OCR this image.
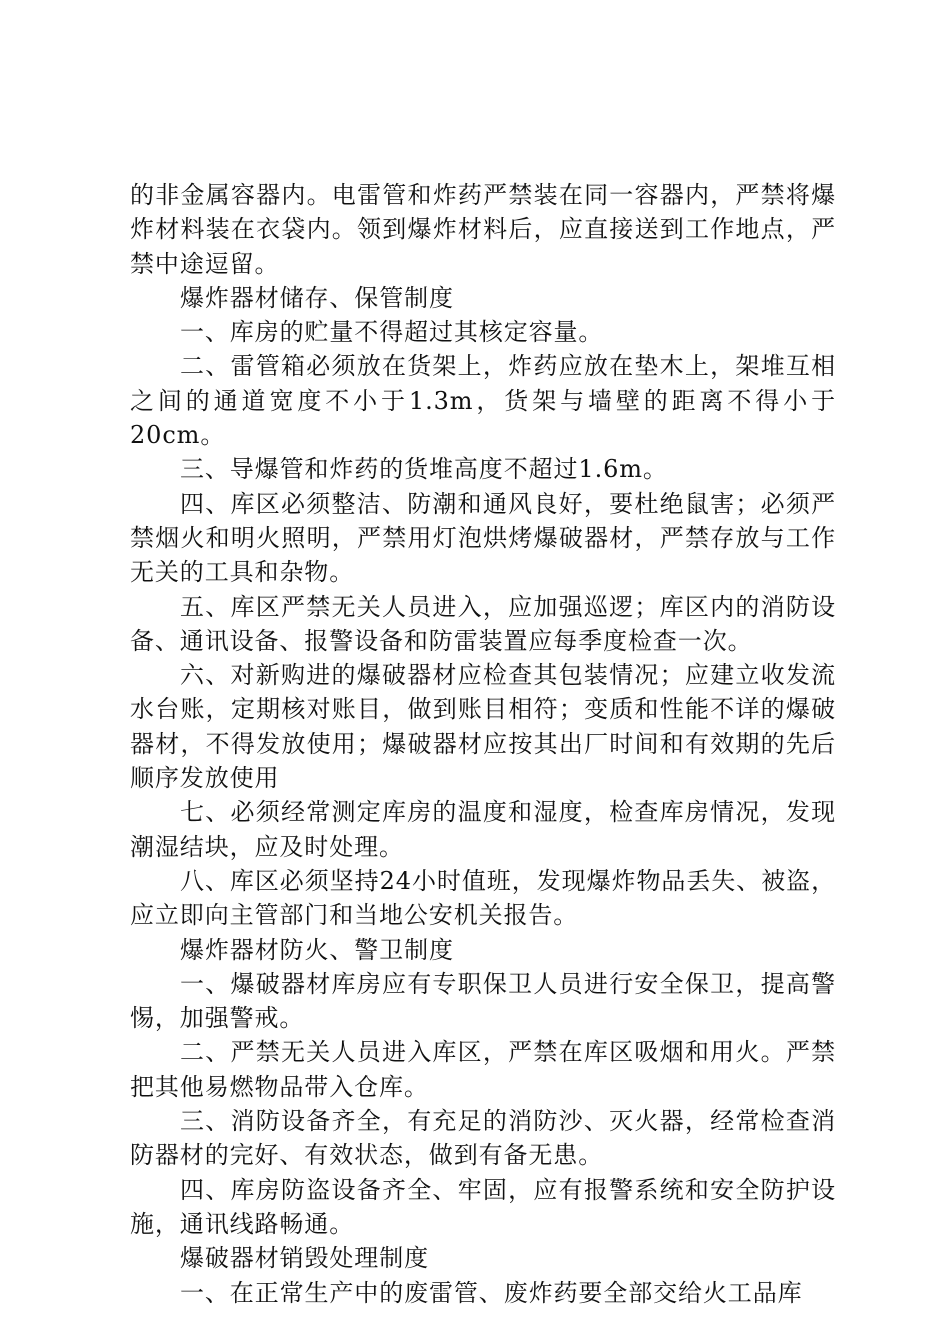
的非金属容器内。电雷管和炸药严禁装在同一容器内，严禁将爆炸材料装在衣袋内。领到爆炸材料后，应直接送到工作地点，严禁中途逗留。

爆炸器材储存、保管制度

一、库房的贮量不得超过其核定容量。

二、雷管箱必须放在货架上，炸药应放在垫木上，架堆互相之间的通道宽度不小于1.3m，货架与墙壁的距离不得小于20cm。

三、导爆管和炸药的货堆高度不超过1.6m。

四、库区必须整洁、防潮和通风良好，要杜绝鼠害；必须严禁烟火和明火照明，严禁用灯泡烘烤爆破器材，严禁存放与工作无关的工具和杂物。

五、库区严禁无关人员进入，应加强巡逻；库区内的消防设备、通讯设备、报警设备和防雷装置应每季度检查一次。

六、对新购进的爆破器材应检查其包装情况；应建立收发流水台账，定期核对账目，做到账目相符；变质和性能不详的爆破器材，不得发放使用；爆破器材应按其出厂时间和有效期的先后顺序发放使用

七、必须经常测定库房的温度和湿度，检查库房情况，发现潮湿结块，应及时处理。

八、库区必须坚持24小时值班，发现爆炸物品丢失、被盗，应立即向主管部门和当地公安机关报告。

爆炸器材防火、警卫制度

一、爆破器材库房应有专职保卫人员进行安全保卫，提高警惕，加强警戒。

二、严禁无关人员进入库区，严禁在库区吸烟和用火。严禁把其他易燃物品带入仓库。

三、消防设备齐全，有充足的消防沙、灭火器，经常检查消防器材的完好、有效状态，做到有备无患。

四、库房防盗设备齐全、牢固，应有报警系统和安全防护设施，通讯线路畅通。

爆破器材销毁处理制度

一、在正常生产中的废雷管、废炸药要全部交给火工品库
